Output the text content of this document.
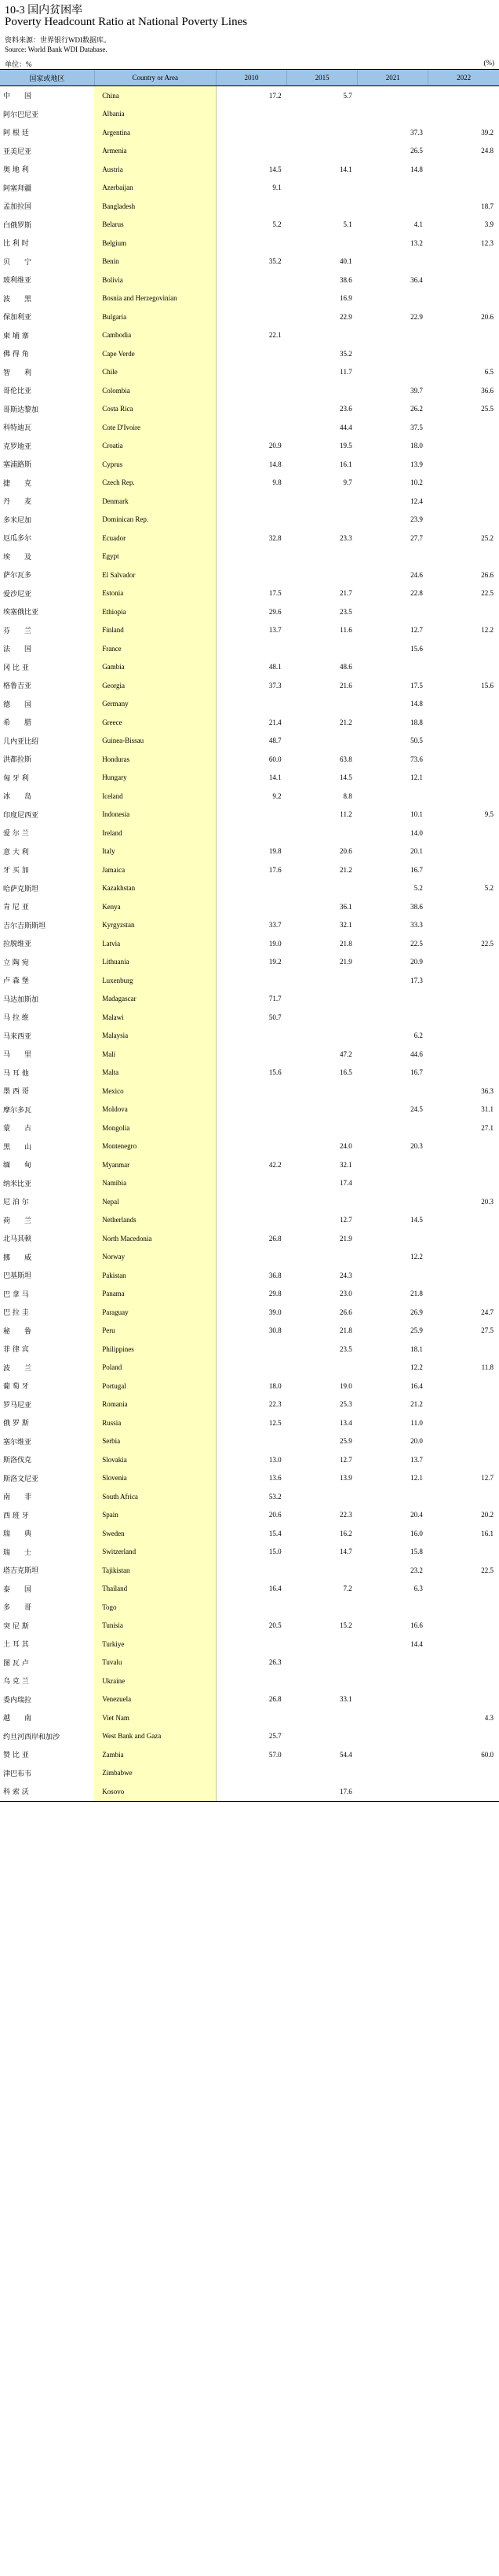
10-3 国内贫困率
Poverty Headcount Ratio at National Poverty Lines
资料来源：世界银行WDI数据库。
Source: World Bank WDI Database.
单位：%	(%)
国家或地区	Country or Area	2010	2015	2021	2022
中　　国	China	17.2	5.7		
阿尔巴尼亚	Albania				
阿 根 廷	Argentina			37.3	39.2
亚美尼亚	Armenia			26.5	24.8
奥 地 利	Austria	14.5	14.1	14.8	
阿塞拜疆	Azerbaijan	9.1			
孟加拉国	Bangladesh				18.7
白俄罗斯	Belarus	5.2	5.1	4.1	3.9
比 利 时	Belgium			13.2	12.3
贝　　宁	Benin	35.2	40.1		
玻利维亚	Bolivia		38.6	36.4	
波　　黑	Bosnia and Herzegovinian		16.9		
保加利亚	Bulgaria		22.9	22.9	20.6
柬 埔 寨	Cambodia	22.1			
佛 得 角	Cape Verde		35.2		
智　　利	Chile		11.7		6.5
哥伦比亚	Colombia			39.7	36.6
哥斯达黎加	Costa Rica		23.6	26.2	25.5
科特迪瓦	Cote D'Ivoire		44.4	37.5	
克罗地亚	Croatia	20.9	19.5	18.0	
塞浦路斯	Cyprus	14.8	16.1	13.9	
捷　　克	Czech Rep.	9.8	9.7	10.2	
丹　　麦	Denmark			12.4	
多米尼加	Dominican Rep.			23.9	
厄瓜多尔	Ecuador	32.8	23.3	27.7	25.2
埃　　及	Egypt				
萨尔瓦多	El Salvador			24.6	26.6
爱沙尼亚	Estonia	17.5	21.7	22.8	22.5
埃塞俄比亚	Ethiopia	29.6	23.5		
芬　　兰	Finland	13.7	11.6	12.7	12.2
法　　国	France			15.6	
冈 比 亚	Gambia	48.1	48.6		
格鲁吉亚	Georgia	37.3	21.6	17.5	15.6
德　　国	Germany			14.8	
希　　腊	Greece	21.4	21.2	18.8	
几内亚比绍	Guinea-Bissau	48.7		50.5	
洪都拉斯	Honduras	60.0	63.8	73.6	
匈 牙 利	Hungary	14.1	14.5	12.1	
冰　　岛	Iceland	9.2	8.8		
印度尼西亚	Indonesia		11.2	10.1	9.5
爱 尔 兰	Ireland			14.0	
意 大 利	Italy	19.8	20.6	20.1	
牙 买 加	Jamaica	17.6	21.2	16.7	
哈萨克斯坦	Kazakhstan			5.2	5.2
肯 尼 亚	Kenya		36.1	38.6	
吉尔吉斯斯坦	Kyrgyzstan	33.7	32.1	33.3	
拉脱维亚	Latvia	19.0	21.8	22.5	22.5
立 陶 宛	Lithuania	19.2	21.9	20.9	
卢 森 堡	Luxenburg			17.3	
马达加斯加	Madagascar	71.7			
马 拉 维	Malawi	50.7			
马来西亚	Malaysia			6.2	
马　　里	Mali		47.2	44.6	
马 耳 他	Malta	15.6	16.5	16.7	
墨 西 哥	Mexico				36.3
摩尔多瓦	Moldova			24.5	31.1
蒙　　古	Mongolia				27.1
黑　　山	Montenegro		24.0	20.3	
缅　　甸	Myanmar	42.2	32.1		
纳米比亚	Namibia		17.4		
尼 泊 尔	Nepal				20.3
荷　　兰	Netherlands		12.7	14.5	
北马其顿	North Macedonia	26.8	21.9		
挪　　威	Norway			12.2	
巴基斯坦	Pakistan	36.8	24.3		
巴 拿 马	Panama	29.8	23.0	21.8	
巴 拉 圭	Paraguay	39.0	26.6	26.9	24.7
秘　　鲁	Peru	30.8	21.8	25.9	27.5
菲 律 宾	Philippines		23.5	18.1	
波　　兰	Poland			12.2	11.8
葡 萄 牙	Portugal	18.0	19.0	16.4	
罗马尼亚	Romania	22.3	25.3	21.2	
俄 罗 斯	Russia	12.5	13.4	11.0	
塞尔维亚	Serbia		25.9	20.0	
斯洛伐克	Slovakia	13.0	12.7	13.7	
斯洛文尼亚	Slovenia	13.6	13.9	12.1	12.7
南　　非	South Africa	53.2			
西 班 牙	Spain	20.6	22.3	20.4	20.2
瑞　　典	Sweden	15.4	16.2	16.0	16.1
瑞　　士	Switzerland	15.0	14.7	15.8	
塔吉克斯坦	Tajikistan			23.2	22.5
泰　　国	Thailand	16.4	7.2	6.3	
多　　哥	Togo				
突 尼 斯	Tunisia	20.5	15.2	16.6	
土 耳 其	Turkiye			14.4	
图 瓦 卢	Tuvalu	26.3			
乌 克 兰	Ukraine				
委内瑞拉	Venezuela	26.8	33.1		
越　　南	Viet Nam				4.3
约旦河西岸和加沙	West Bank and Gaza	25.7			
赞 比 亚	Zambia	57.0	54.4		60.0
津巴布韦	Zimbabwe				
科 索 沃	Kosovo		17.6		
